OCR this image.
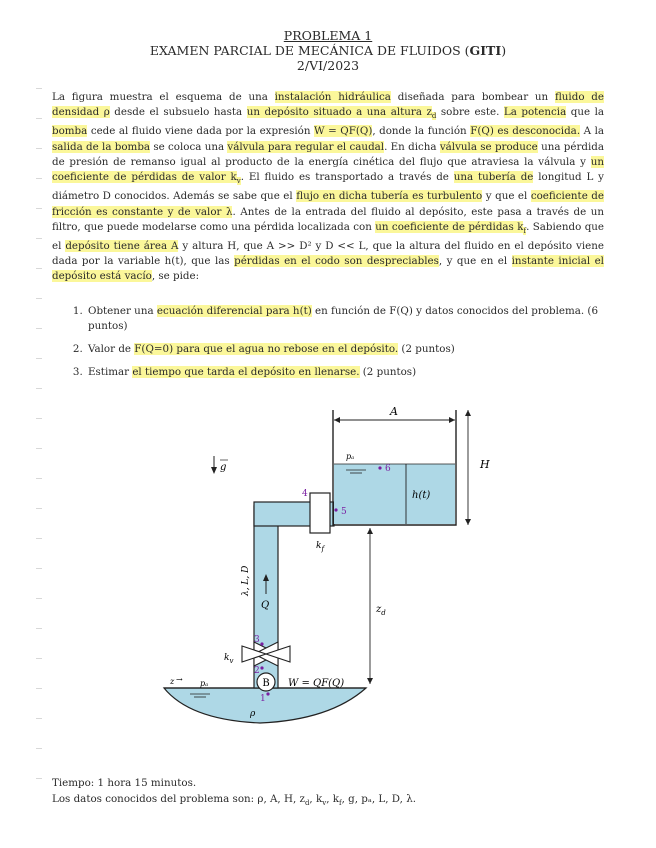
PROBLEMA 1
EXAMEN PARCIAL DE MECÁNICA DE FLUIDOS (GITI)
2/VI/2023

La figura muestra el esquema de una instalación hidráulica diseñada para bombear un fluido de densidad ρ desde el subsuelo hasta un depósito situado a una altura $z_d$ sobre este. La potencia que la bomba cede al fluido viene dada por la expresión W = QF(Q), donde la función F(Q) es desconocida. A la salida de la bomba se coloca una válvula para regular el caudal. En dicha válvula se produce una pérdida de presión de remanso igual al producto de la energía cinética del flujo que atraviesa la válvula y un coeficiente de pérdidas de valor $k_v$. El fluido es transportado a través de una tubería de longitud L y diámetro D conocidos. Además se sabe que el flujo en dicha tubería es turbulento y que el coeficiente de fricción es constante y de valor λ. Antes de la entrada del fluido al depósito, este pasa a través de un filtro, que puede modelarse como una pérdida localizada con un coeficiente de pérdidas $k_f$. Sabiendo que el depósito tiene área A y altura H, que A >> D² y D << L, que la altura del fluido en el depósito viene dada por la variable h(t), que las pérdidas en el codo son despreciables, y que en el instante inicial el depósito está vacío, se pide:

1. Obtener una ecuación diferencial para h(t) en función de F(Q) y datos conocidos del problema. (6 puntos)
2. Valor de F(Q=0) para que el agua no rebose en el depósito. (2 puntos)
3. Estimar el tiempo que tarda el depósito en llenarse. (2 puntos)
A
H
h(t)
$z_d$
g
λ, L, D
Q
$k_v$
$k_f$
B W = QF(Q)
z	pₐ
→
ρ
pₐ
1
2
3
4
5
6
Tiempo: 1 hora 15 minutos.
Los datos conocidos del problema son: ρ, A, H, $z_d$, $k_v$, $k_f$, g, pₐ, L, D, λ.
